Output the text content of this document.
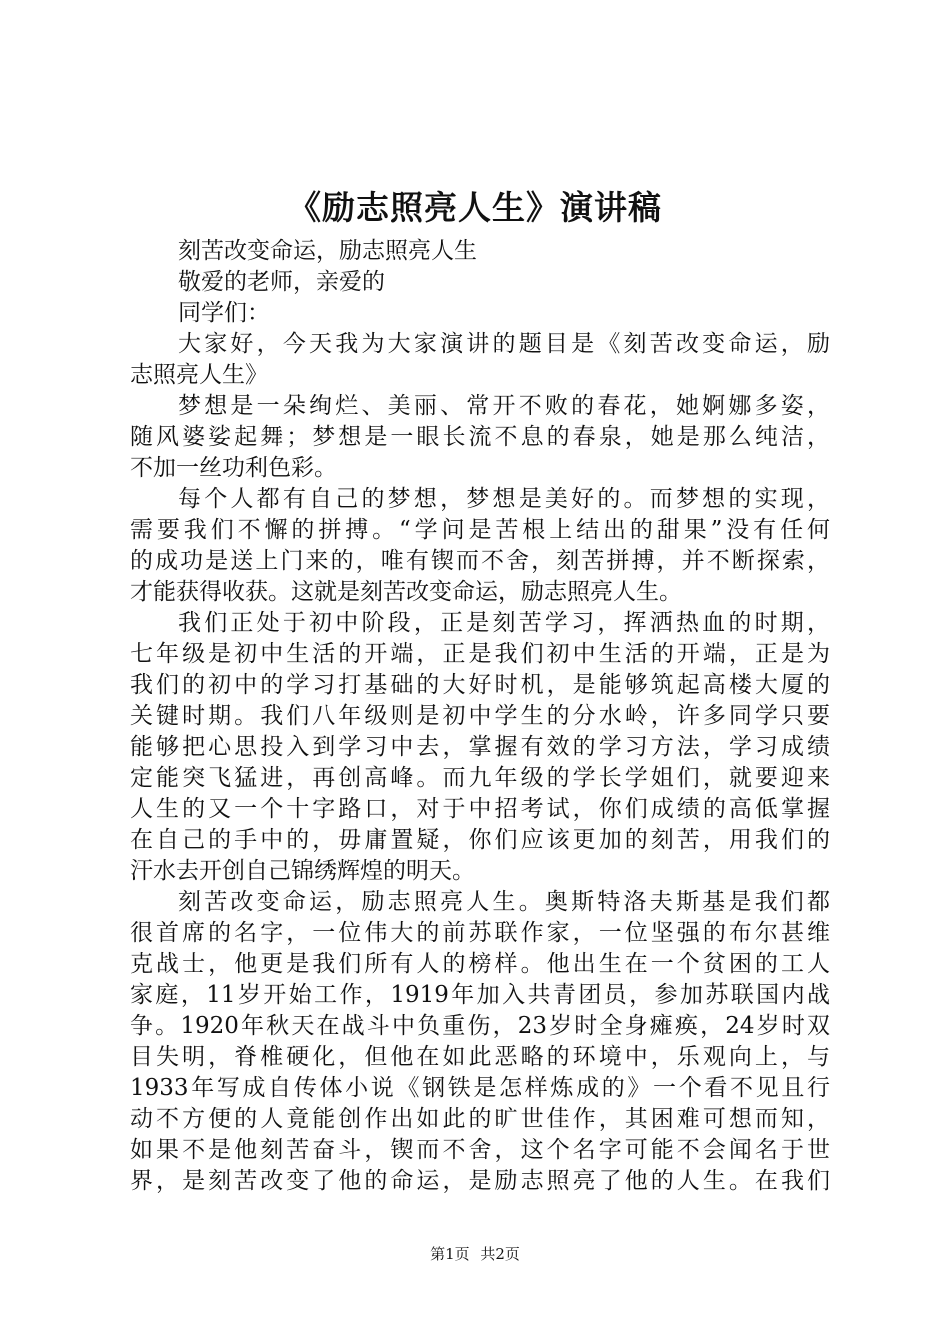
《励志照亮人生》演讲稿
刻苦改变命运，励志照亮人生
敬爱的老师，亲爱的
同学们：
大家好，今天我为大家演讲的题目是《刻苦改变命运，励
志照亮人生》
梦想是一朵绚烂、美丽、常开不败的春花，她婀娜多姿，
随风婆娑起舞；梦想是一眼长流不息的春泉，她是那么纯洁，
不加一丝功利色彩。
每个人都有自己的梦想，梦想是美好的。而梦想的实现，
需要我们不懈的拼搏。“学问是苦根上结出的甜果”没有任何
的成功是送上门来的，唯有锲而不舍，刻苦拼搏，并不断探索，
才能获得收获。这就是刻苦改变命运，励志照亮人生。
我们正处于初中阶段，正是刻苦学习，挥洒热血的时期，
七年级是初中生活的开端，正是我们初中生活的开端，正是为
我们的初中的学习打基础的大好时机，是能够筑起高楼大厦的
关键时期。我们八年级则是初中学生的分水岭，许多同学只要
能够把心思投入到学习中去，掌握有效的学习方法，学习成绩
定能突飞猛进，再创高峰。而九年级的学长学姐们，就要迎来
人生的又一个十字路口，对于中招考试，你们成绩的高低掌握
在自己的手中的，毋庸置疑，你们应该更加的刻苦，用我们的
汗水去开创自己锦绣辉煌的明天。
刻苦改变命运，励志照亮人生。奥斯特洛夫斯基是我们都
很首席的名字，一位伟大的前苏联作家，一位坚强的布尔甚维
克战士，他更是我们所有人的榜样。他出生在一个贫困的工人
家庭，11岁开始工作，1919年加入共青团员，参加苏联国内战
争。1920年秋天在战斗中负重伤，23岁时全身瘫痪，24岁时双
目失明，脊椎硬化，但他在如此恶略的环境中，乐观向上，与
1933年写成自传体小说《钢铁是怎样炼成的》一个看不见且行
动不方便的人竟能创作出如此的旷世佳作，其困难可想而知，
如果不是他刻苦奋斗，锲而不舍，这个名字可能不会闻名于世
界，是刻苦改变了他的命运，是励志照亮了他的人生。在我们
第1页 共2页
